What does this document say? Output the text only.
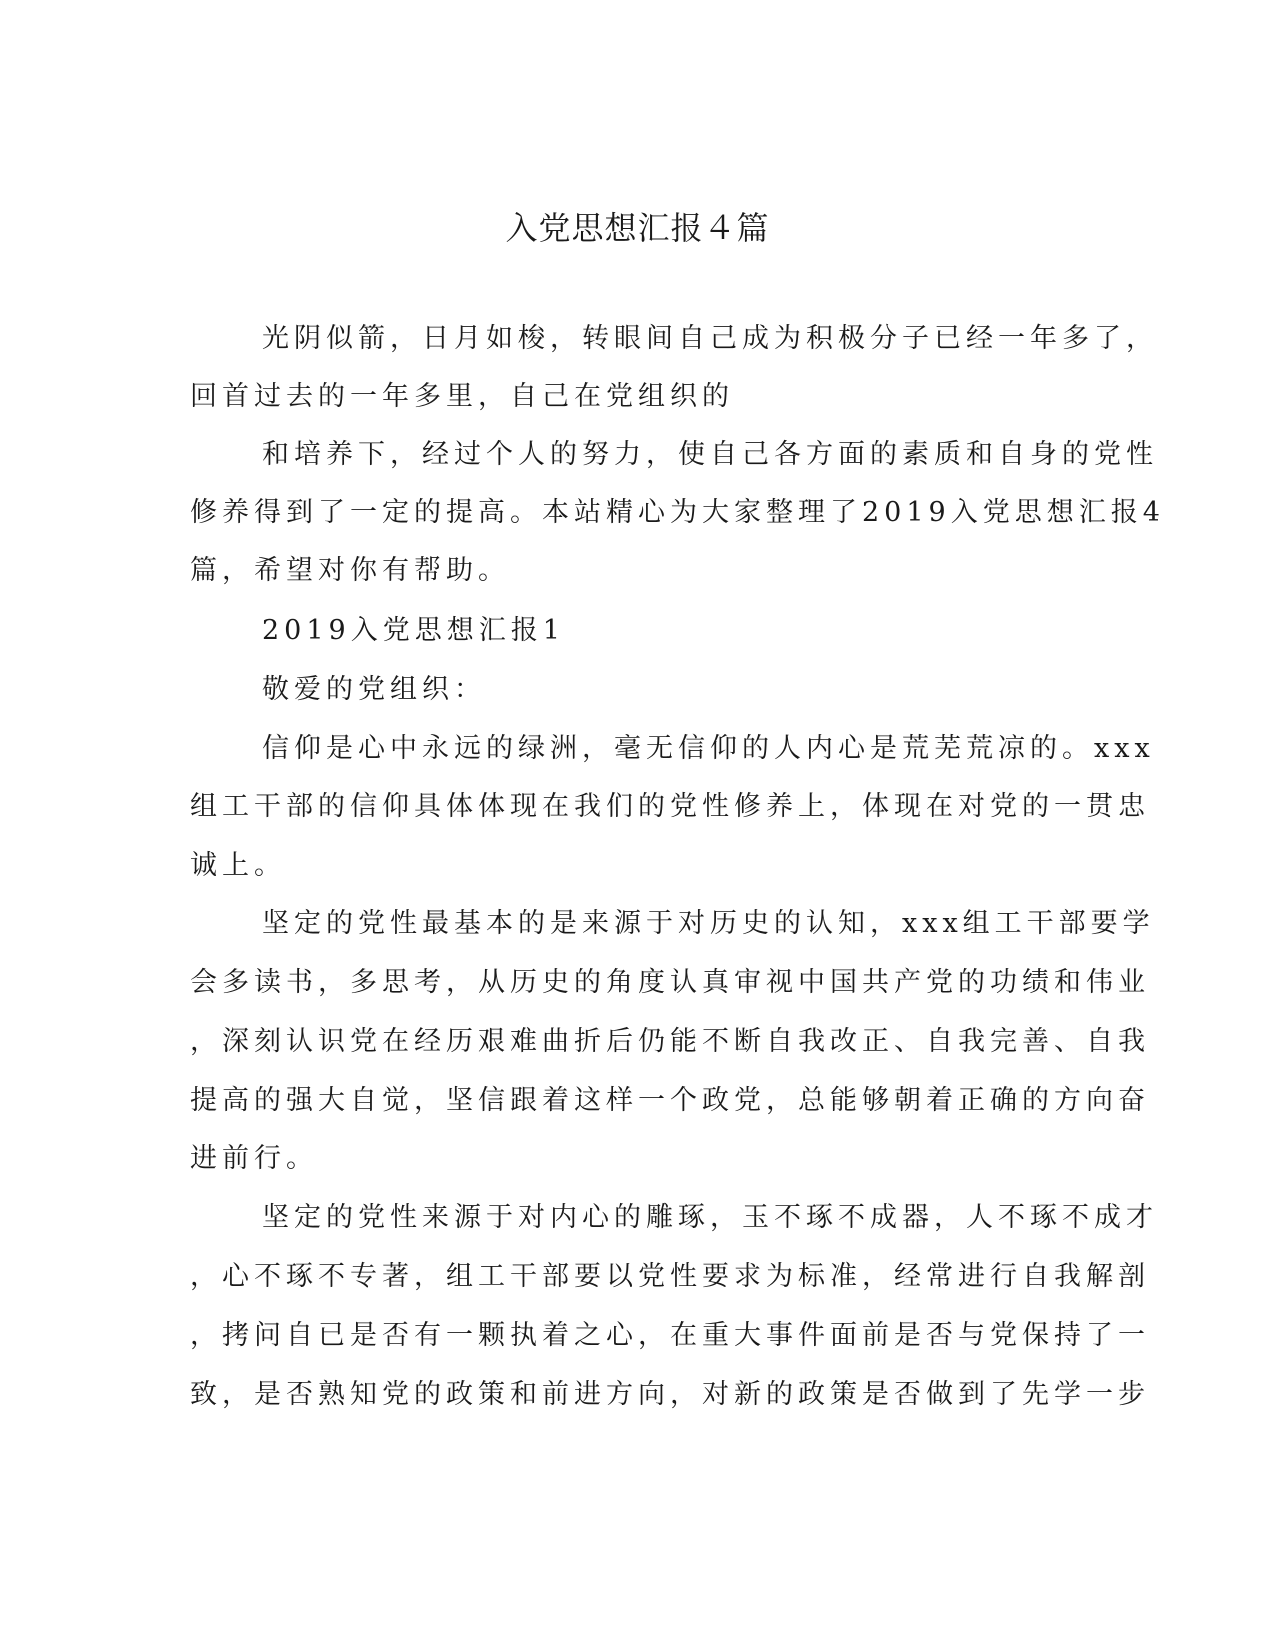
入党思想汇报４篇
光阴似箭，日月如梭，转眼间自己成为积极分子已经一年多了，
回首过去的一年多里，自己在党组织的
和培养下，经过个人的努力，使自己各方面的素质和自身的党性
修养得到了一定的提高。本站精心为大家整理了2019入党思想汇报4
篇，希望对你有帮助。
2019入党思想汇报1
敬爱的党组织：
信仰是心中永远的绿洲，毫无信仰的人内心是荒芜荒凉的。xxx
组工干部的信仰具体体现在我们的党性修养上，体现在对党的一贯忠
诚上。
坚定的党性最基本的是来源于对历史的认知，xxx组工干部要学
会多读书，多思考，从历史的角度认真审视中国共产党的功绩和伟业
，深刻认识党在经历艰难曲折后仍能不断自我改正、自我完善、自我
提高的强大自觉，坚信跟着这样一个政党，总能够朝着正确的方向奋
进前行。
坚定的党性来源于对内心的雕琢，玉不琢不成器，人不琢不成才
，心不琢不专著，组工干部要以党性要求为标准，经常进行自我解剖
，拷问自已是否有一颗执着之心，在重大事件面前是否与党保持了一
致，是否熟知党的政策和前进方向，对新的政策是否做到了先学一步
